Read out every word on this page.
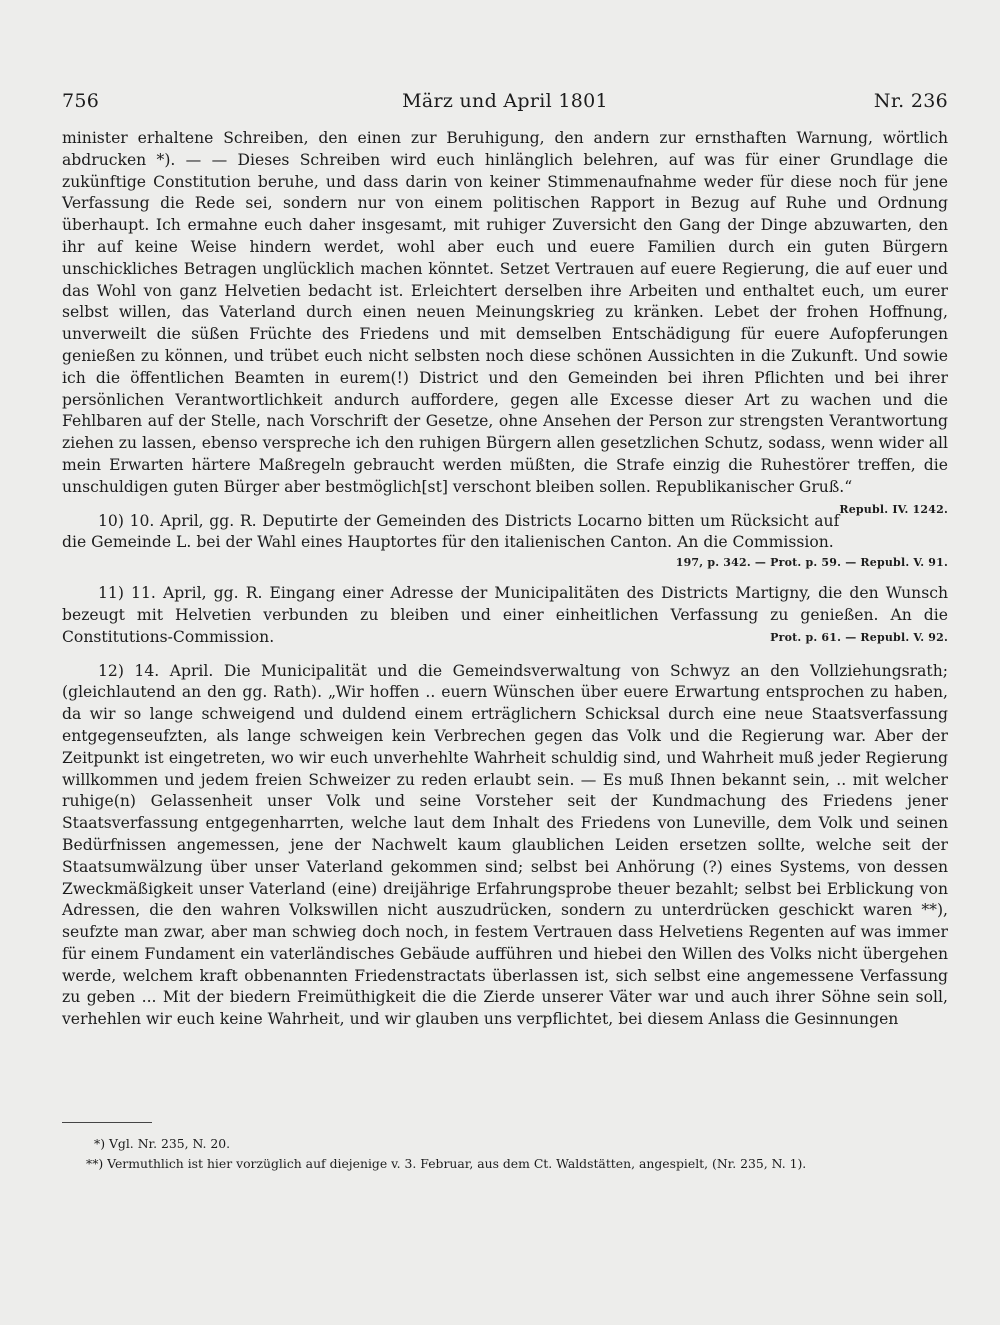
756	März und April 1801	Nr. 236

minister erhaltene Schreiben, den einen zur Beruhigung, den andern zur ernsthaften Warnung, wörtlich abdrucken *). — — Dieses Schreiben wird euch hinlänglich belehren, auf was für einer Grundlage die zukünftige Constitution beruhe, und dass darin von keiner Stimmenaufnahme weder für diese noch für jene Verfassung die Rede sei, sondern nur von einem politischen Rapport in Bezug auf Ruhe und Ordnung überhaupt. Ich ermahne euch daher insgesamt, mit ruhiger Zuversicht den Gang der Dinge abzuwarten, den ihr auf keine Weise hindern werdet, wohl aber euch und euere Familien durch ein guten Bürgern unschickliches Betragen unglücklich machen könntet. Setzet Vertrauen auf euere Regierung, die auf euer und das Wohl von ganz Helvetien bedacht ist. Erleichtert derselben ihre Arbeiten und enthaltet euch, um eurer selbst willen, das Vaterland durch einen neuen Meinungskrieg zu kränken. Lebet der frohen Hoffnung, unverweilt die süßen Früchte des Friedens und mit demselben Entschädigung für euere Aufopferungen genießen zu können, und trübet euch nicht selbsten noch diese schönen Aussichten in die Zukunft. Und sowie ich die öffentlichen Beamten in eurem(!) District und den Gemeinden bei ihren Pflichten und bei ihrer persönlichen Verantwortlichkeit andurch auffordere, gegen alle Excesse dieser Art zu wachen und die Fehlbaren auf der Stelle, nach Vorschrift der Gesetze, ohne Ansehen der Person zur strengsten Verantwortung ziehen zu lassen, ebenso verspreche ich den ruhigen Bürgern allen gesetzlichen Schutz, sodass, wenn wider all mein Erwarten härtere Maßregeln gebraucht werden müßten, die Strafe einzig die Ruhestörer treffen, die unschuldigen guten Bürger aber bestmöglich[st] verschont bleiben sollen. Republikanischer Gruß.“
Republ. IV. 1242.

10) 10. April, gg. R. Deputirte der Gemeinden des Districts Locarno bitten um Rücksicht auf die Gemeinde L. bei der Wahl eines Hauptortes für den italienischen Canton. An die Commission.

197, p. 342. — Prot. p. 59. — Republ. V. 91.

11) 11. April, gg. R. Eingang einer Adresse der Municipalitäten des Districts Martigny, die den Wunsch bezeugt mit Helvetien verbunden zu bleiben und einer einheitlichen Verfassung zu genießen. An die Constitutions-Commission.	Prot. p. 61. — Republ. V. 92.

12) 14. April. Die Municipalität und die Gemeindsverwaltung von Schwyz an den Vollziehungsrath; (gleichlautend an den gg. Rath). „Wir hoffen .. euern Wünschen über euere Erwartung entsprochen zu haben, da wir so lange schweigend und duldend einem erträglichern Schicksal durch eine neue Staatsverfassung entgegenseufzten, als lange schweigen kein Verbrechen gegen das Volk und die Regierung war. Aber der Zeitpunkt ist eingetreten, wo wir euch unverhehlte Wahrheit schuldig sind, und Wahrheit muß jeder Regierung willkommen und jedem freien Schweizer zu reden erlaubt sein. — Es muß Ihnen bekannt sein, .. mit welcher ruhige(n) Gelassenheit unser Volk und seine Vorsteher seit der Kundmachung des Friedens jener Staatsverfassung entgegenharrten, welche laut dem Inhalt des Friedens von Luneville, dem Volk und seinen Bedürfnissen angemessen, jene der Nachwelt kaum glaublichen Leiden ersetzen sollte, welche seit der Staatsumwälzung über unser Vaterland gekommen sind; selbst bei Anhörung (?) eines Systems, von dessen Zweckmäßigkeit unser Vaterland (eine) dreijährige Erfahrungsprobe theuer bezahlt; selbst bei Erblickung von Adressen, die den wahren Volkswillen nicht auszudrücken, sondern zu unterdrücken geschickt waren **), seufzte man zwar, aber man schwieg doch noch, in festem Vertrauen dass Helvetiens Regenten auf was immer für einem Fundament ein vaterländisches Gebäude aufführen und hiebei den Willen des Volks nicht übergehen werde, welchem kraft obbenannten Friedenstractats überlassen ist, sich selbst eine angemessene Verfassung zu geben ... Mit der biedern Freimüthigkeit die die Zierde unserer Väter war und auch ihrer Söhne sein soll, verhehlen wir euch keine Wahrheit, und wir glauben uns verpflichtet, bei diesem Anlass die Gesinnungen

*) Vgl. Nr. 235, N. 20.
**) Vermuthlich ist hier vorzüglich auf diejenige v. 3. Februar, aus dem Ct. Waldstätten, angespielt, (Nr. 235, N. 1).
